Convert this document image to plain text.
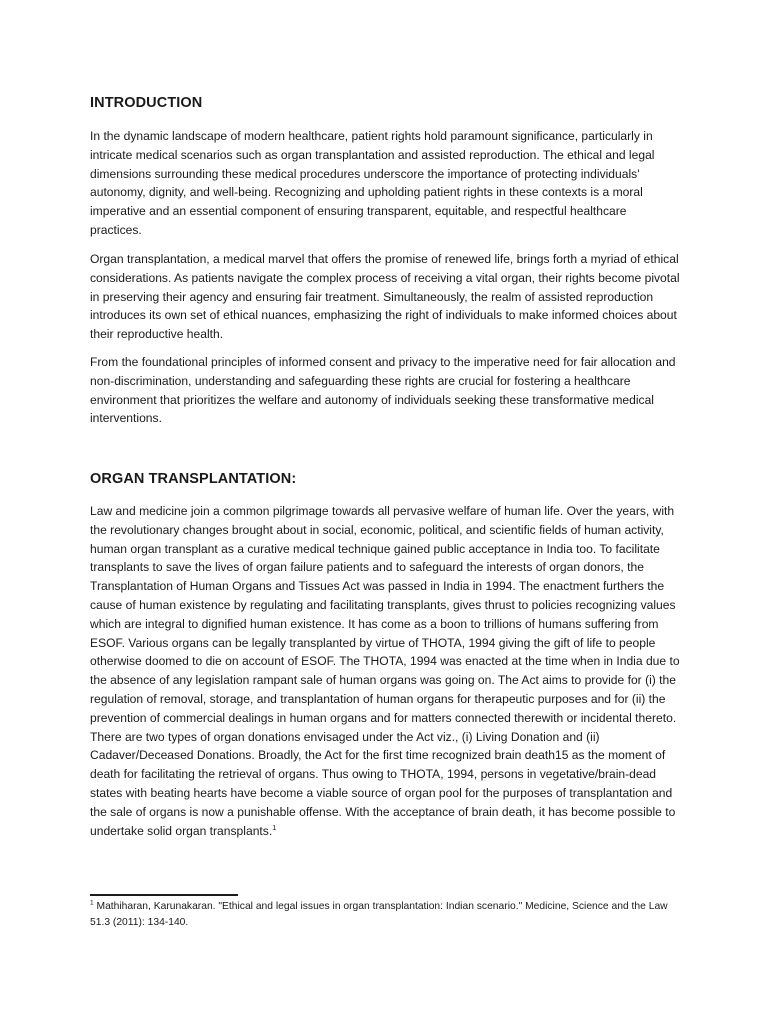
INTRODUCTION

In the dynamic landscape of modern healthcare, patient rights hold paramount significance, particularly in intricate medical scenarios such as organ transplantation and assisted reproduction. The ethical and legal dimensions surrounding these medical procedures underscore the importance of protecting individuals' autonomy, dignity, and well-being. Recognizing and upholding patient rights in these contexts is a moral imperative and an essential component of ensuring transparent, equitable, and respectful healthcare practices.

Organ transplantation, a medical marvel that offers the promise of renewed life, brings forth a myriad of ethical considerations. As patients navigate the complex process of receiving a vital organ, their rights become pivotal in preserving their agency and ensuring fair treatment. Simultaneously, the realm of assisted reproduction introduces its own set of ethical nuances, emphasizing the right of individuals to make informed choices about their reproductive health.

From the foundational principles of informed consent and privacy to the imperative need for fair allocation and non-discrimination, understanding and safeguarding these rights are crucial for fostering a healthcare environment that prioritizes the welfare and autonomy of individuals seeking these transformative medical interventions.

ORGAN TRANSPLANTATION:

Law and medicine join a common pilgrimage towards all pervasive welfare of human life. Over the years, with the revolutionary changes brought about in social, economic, political, and scientific fields of human activity, human organ transplant as a curative medical technique gained public acceptance in India too. To facilitate transplants to save the lives of organ failure patients and to safeguard the interests of organ donors, the Transplantation of Human Organs and Tissues Act was passed in India in 1994. The enactment furthers the cause of human existence by regulating and facilitating transplants, gives thrust to policies recognizing values which are integral to dignified human existence. It has come as a boon to trillions of humans suffering from ESOF. Various organs can be legally transplanted by virtue of THOTA, 1994 giving the gift of life to people otherwise doomed to die on account of ESOF. The THOTA, 1994 was enacted at the time when in India due to the absence of any legislation rampant sale of human organs was going on. The Act aims to provide for (i) the regulation of removal, storage, and transplantation of human organs for therapeutic purposes and for (ii) the prevention of commercial dealings in human organs and for matters connected therewith or incidental thereto. There are two types of organ donations envisaged under the Act viz., (i) Living Donation and (ii) Cadaver/Deceased Donations. Broadly, the Act for the first time recognized brain death15 as the moment of death for facilitating the retrieval of organs. Thus owing to THOTA, 1994, persons in vegetative/brain-dead states with beating hearts have become a viable source of organ pool for the purposes of transplantation and the sale of organs is now a punishable offense. With the acceptance of brain death, it has become possible to undertake solid organ transplants.$^1$

$^1$ Mathiharan, Karunakaran. "Ethical and legal issues in organ transplantation: Indian scenario." Medicine, Science and the Law 51.3 (2011): 134-140.
